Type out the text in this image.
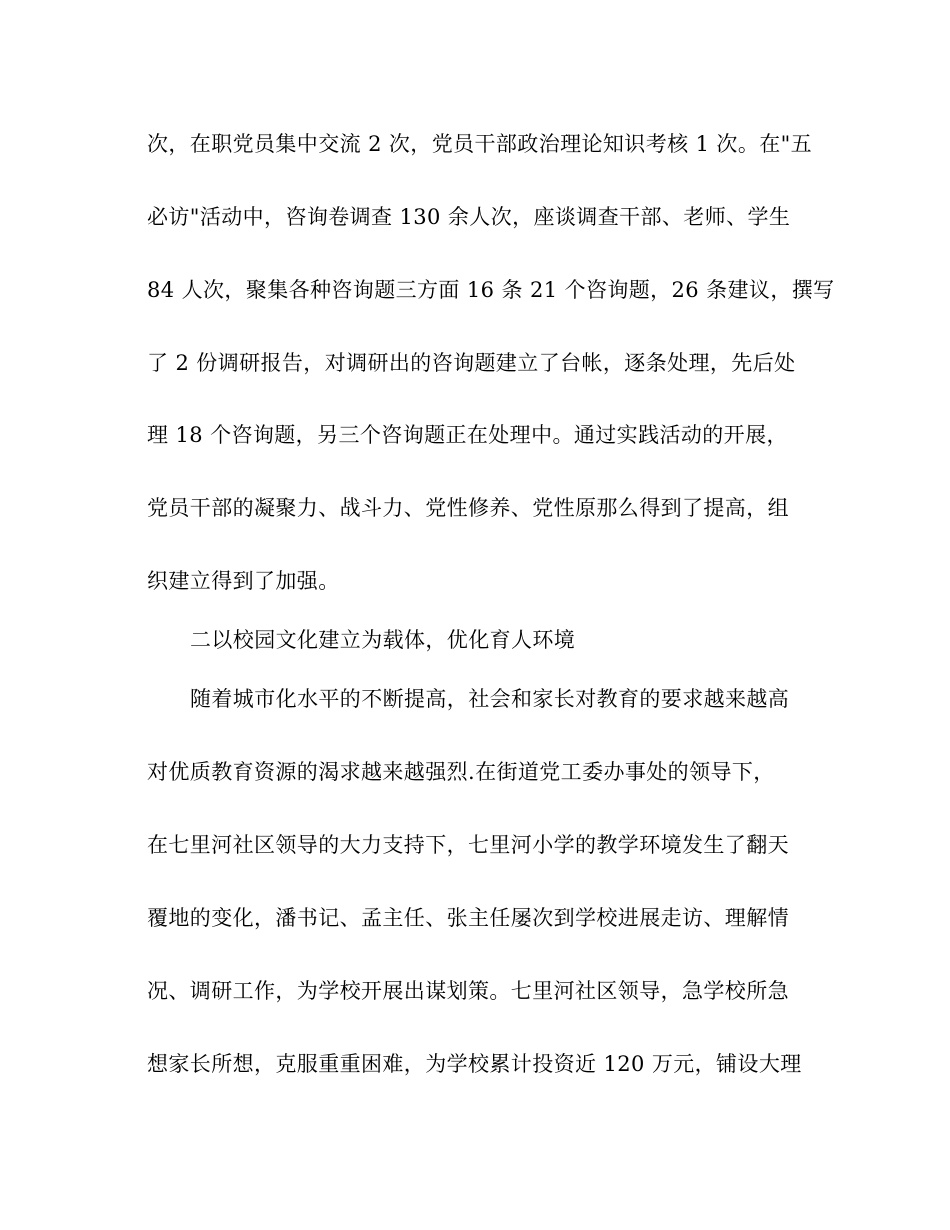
次，在职党员集中交流 2 次，党员干部政治理论知识考核 1 次。在"五
必访"活动中，咨询卷调查 130 余人次，座谈调查干部、老师、学生
84 人次，聚集各种咨询题三方面 16 条 21 个咨询题，26 条建议，撰写
了 2 份调研报告，对调研出的咨询题建立了台帐，逐条处理，先后处
理 18 个咨询题，另三个咨询题正在处理中。通过实践活动的开展，
党员干部的凝聚力、战斗力、党性修养、党性原那么得到了提高，组
织建立得到了加强。
二以校园文化建立为载体，优化育人环境
随着城市化水平的不断提高，社会和家长对教育的要求越来越高
对优质教育资源的渴求越来越强烈.在街道党工委办事处的领导下，
在七里河社区领导的大力支持下，七里河小学的教学环境发生了翻天
覆地的变化，潘书记、孟主任、张主任屡次到学校进展走访、理解情
况、调研工作，为学校开展出谋划策。七里河社区领导，急学校所急
想家长所想，克服重重困难，为学校累计投资近 120 万元，铺设大理
